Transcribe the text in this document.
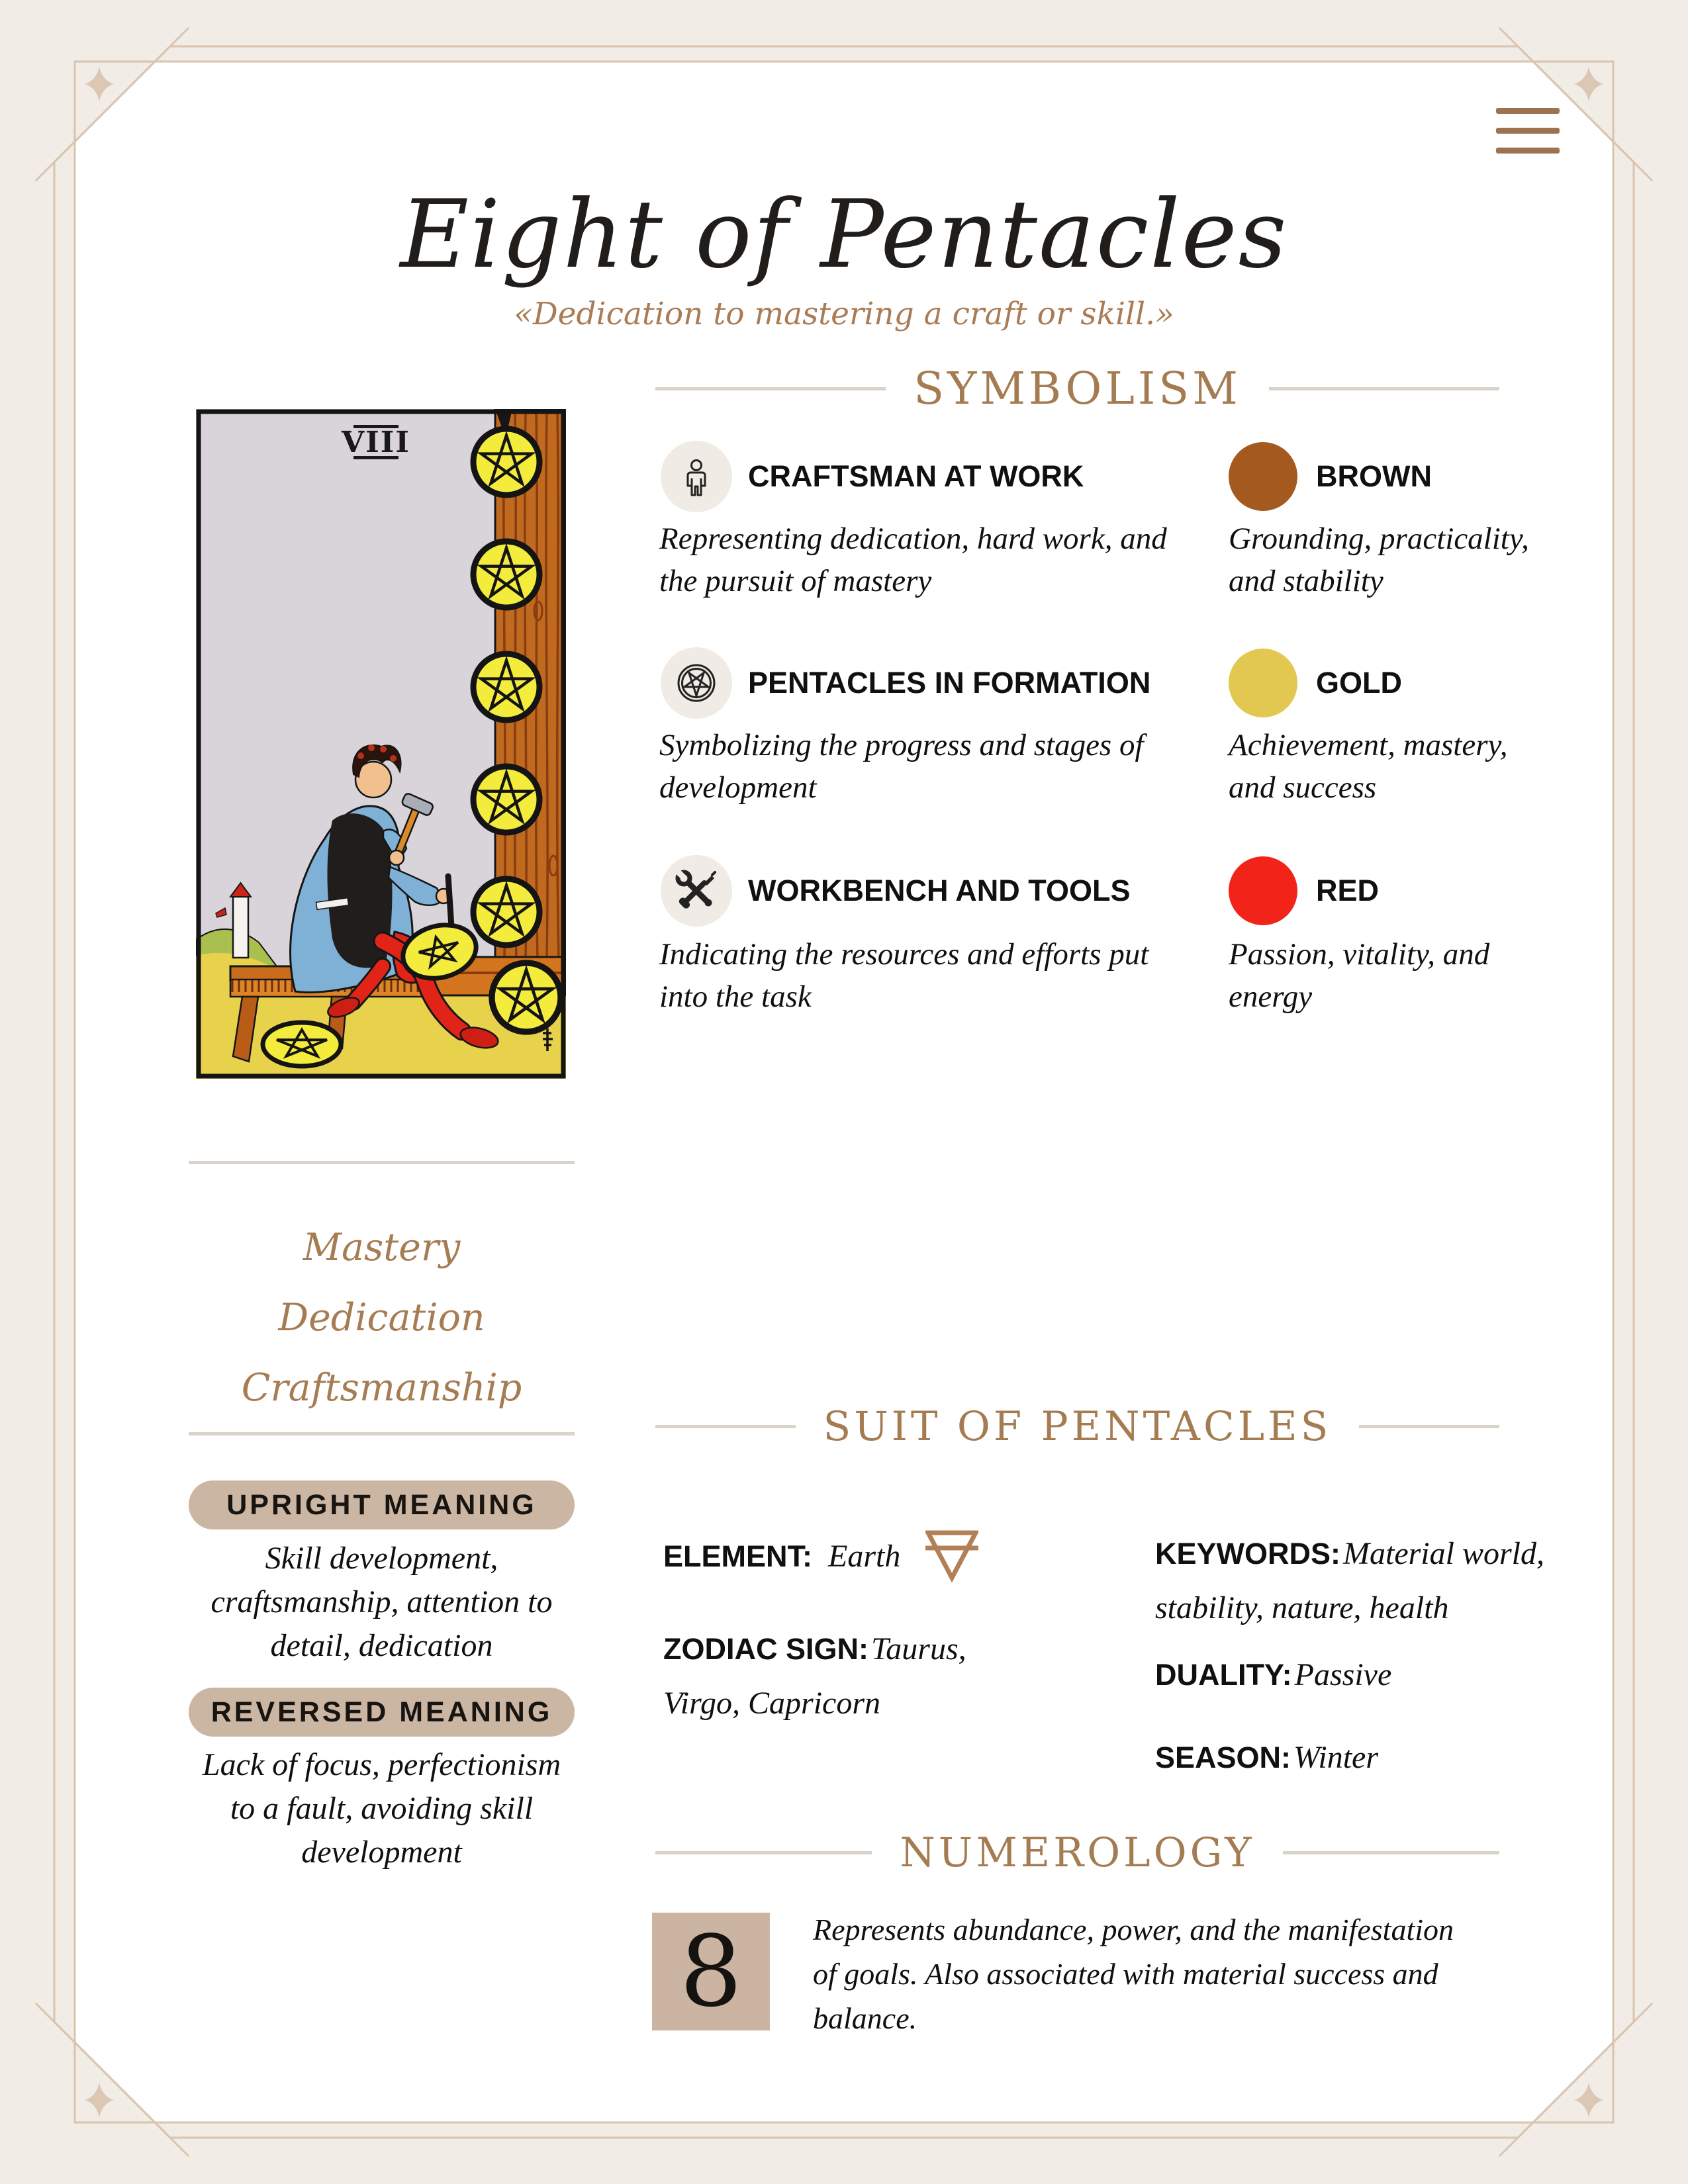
Eight of Pentacles

«Dedication to mastering a craft or skill.»

VIII

Mastery

Dedication

Craftsmanship

UPRIGHT MEANING

Skill development, craftsmanship, attention to detail, dedication

REVERSED MEANING

Lack of focus, perfectionism to a fault, avoiding skill development

SYMBOLISM
CRAFTSMAN AT WORK
Representing dedication, hard work, and the pursuit of mastery
PENTACLES IN FORMATION
Symbolizing the progress and stages of development
WORKBENCH AND TOOLS
Indicating the resources and efforts put into the task
BROWN
Grounding, practicality, and stability
GOLD
Achievement, mastery, and success
RED
Passion, vitality, and energy
SUIT OF PENTACLES
ELEMENT: Earth
ZODIAC SIGN: Taurus, Virgo, Capricorn
KEYWORDS: Material world, stability, nature, health
DUALITY: Passive
SEASON: Winter
NUMEROLOGY
8 Represents abundance, power, and the manifestation of goals. Also associated with material success and balance.
